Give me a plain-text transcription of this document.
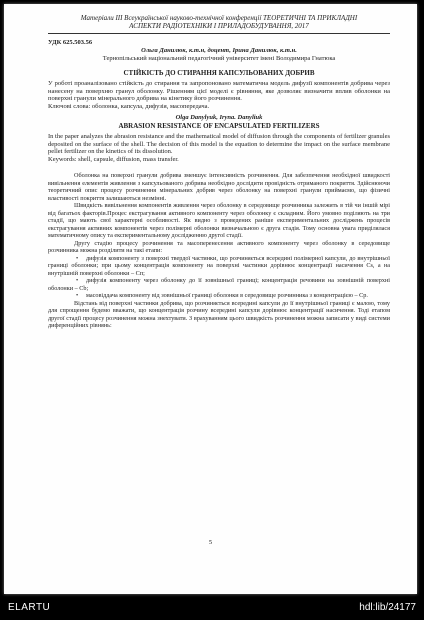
Матеріали ІІІ Всеукраїнської науково-технічної конференції ТЕОРЕТИЧНІ ТА ПРИКЛАДНІ

АСПЕКТИ РАДІОТЕХНІКИ І ПРИЛАДОБУДУВАННЯ, 2017

УДК 625.503.56

Ольга Данилюк, к.т.н, доцент, Ірина Данилюк, к.т.н.

Тернопільський національний педагогічний університет імені Володимира Гнатюка

СТІЙКІСТЬ ДО СТИРАННЯ КАПСУЛЬОВАНИХ ДОБРИВ

У роботі проаналізовано стійкість до стирання та запропоновано математична модель дифузії компонентів добрива через нанесену на поверхню гранул оболонку. Рішенням цієї моделі є рівняння, яке дозволяє визначити вплив оболонки на поверхні гранули мінерального добрива на кінетику його розчинення.

Ключові слова: оболонка, капсула, дифузія, масопередача.

Olga Danylyuk, Iryna. Danyliuk

ABRASION RESISTANCE OF ENCAPSULATED FERTILIZERS

In the paper analyzes the abrasion resistance and the mathematical model of diffusion through the components of fertilizer granules deposited on the surface of the shell. The decision of this model is the equation to determine the impact on the surface membrane pellet fertilizer on the kinetics of its dissolution.

Keywords: shell, capsule, diffusion, mass transfer.

Оболонка на поверхні гранули добрива зменшує інтенсивність розчинення. Для забезпечення необхідної швидкості вивільнення елементів живлення з капсульованого добрива необхідно дослідити провідність отриманого покриття. Здійснюючи теоретичний опис процесу розчинення мінеральних добрив через оболонку на поверхні гранули приймаємо, що фізичні властивості покриття залишаються незмінні.

Швидкість вивільнення компонентів живлення через оболонку в середовище розчинника залежить в тій чи іншій мірі від багатьох факторів.Процес екстрагування активного компоненту через оболонку є складним. Його умовно поділяють на три стадії, що мають свої характерні особливості. Як видно з проведених раніше експериментальних досліджень процесів екстрагування активних компонентів через полімерні оболонки визначальною є друга стадія. Тому основна увага приділялася математичному опису та експериментальному дослідженню другої стадії.

Другу стадію процесу розчинення та масоперенесення активного компоненту через оболонку в середовище розчинника можна розділити на такі етапи:

• дифузія компоненту з поверхні твердої частинки, що розчиняється всередині полімерної капсули, до внутрішньої границі оболонки; при цьому концентрація компоненту на поверхні частинки дорівнює концентрації насичення Cs, а на внутрішній поверхні оболонки – Cп;
• дифузія компоненту через оболонку до її зовнішньої границі; концентрація речовини на зовнішній поверхні оболонки – Cb;
• масовіддача компоненту від зовнішньої границі оболонки в середовище розчинника з концентрацією – Cp.

Відстань від поверхні частинки добрива, що розчиняється всередині капсули до її внутрішньої границі є малою, тому для спрощення будемо вважати, що концентрація розчину всередині капсули дорівнює концентрації насичення. Тоді етапом другої стадії процесу розчинення можна знехтувати. З врахуванням цього швидкість розчинення можна записати у виді системи диференційних рівнянь:

5
ELARTU	hdl:lib/24177
